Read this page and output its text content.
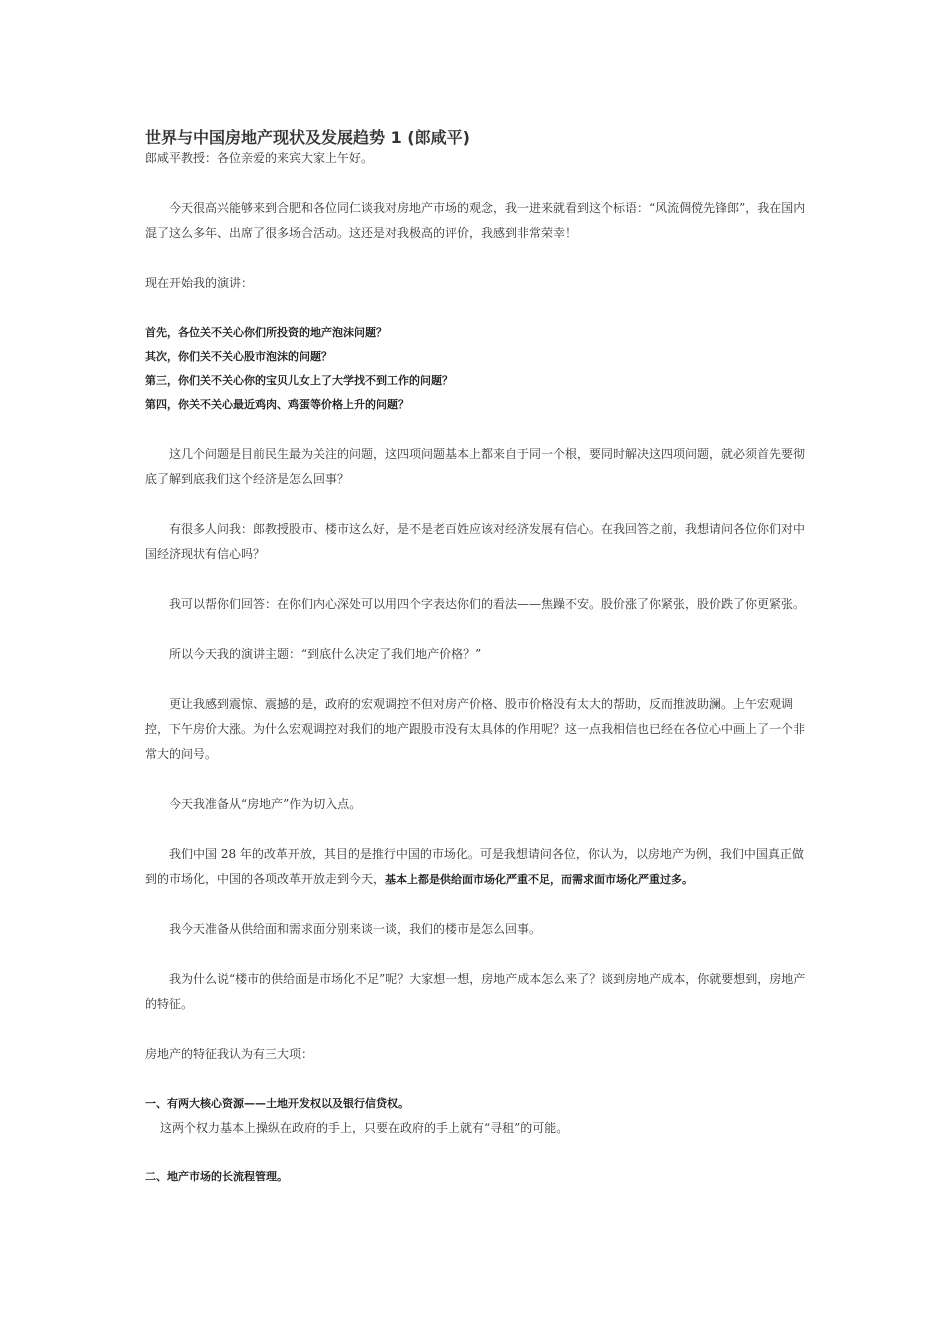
世界与中国房地产现状及发展趋势 1 (郎咸平)

郎咸平教授：各位亲爱的来宾大家上午好。

今天很高兴能够来到合肥和各位同仁谈我对房地产市场的观念，我一进来就看到这个标语：“风流倜傥先锋郎”，我在国内混了这么多年、出席了很多场合活动。这还是对我极高的评价，我感到非常荣幸！

现在开始我的演讲：

首先，各位关不关心你们所投资的地产泡沫问题？
其次，你们关不关心股市泡沫的问题？
第三，你们关不关心你的宝贝儿女上了大学找不到工作的问题？
第四，你关不关心最近鸡肉、鸡蛋等价格上升的问题？

这几个问题是目前民生最为关注的问题，这四项问题基本上都来自于同一个根，要同时解决这四项问题，就必须首先要彻底了解到底我们这个经济是怎么回事？

有很多人问我：郎教授股市、楼市这么好，是不是老百姓应该对经济发展有信心。在我回答之前，我想请问各位你们对中国经济现状有信心吗？

我可以帮你们回答：在你们内心深处可以用四个字表达你们的看法——焦躁不安。股价涨了你紧张，股价跌了你更紧张。

所以今天我的演讲主题：“到底什么决定了我们地产价格？”

更让我感到震惊、震撼的是，政府的宏观调控不但对房产价格、股市价格没有太大的帮助，反而推波助澜。上午宏观调控，下午房价大涨。为什么宏观调控对我们的地产跟股市没有太具体的作用呢？这一点我相信也已经在各位心中画上了一个非常大的问号。

今天我准备从“房地产”作为切入点。

我们中国 28 年的改革开放，其目的是推行中国的市场化。可是我想请问各位，你认为，以房地产为例，我们中国真正做到的市场化，中国的各项改革开放走到今天，基本上都是供给面市场化严重不足，而需求面市场化严重过多。

我今天准备从供给面和需求面分别来谈一谈，我们的楼市是怎么回事。

我为什么说“楼市的供给面是市场化不足”呢？大家想一想，房地产成本怎么来了？谈到房地产成本，你就要想到，房地产的特征。

房地产的特征我认为有三大项：

一、有两大核心资源——土地开发权以及银行信贷权。

这两个权力基本上操纵在政府的手上，只要在政府的手上就有“寻租”的可能。

二、地产市场的长流程管理。
